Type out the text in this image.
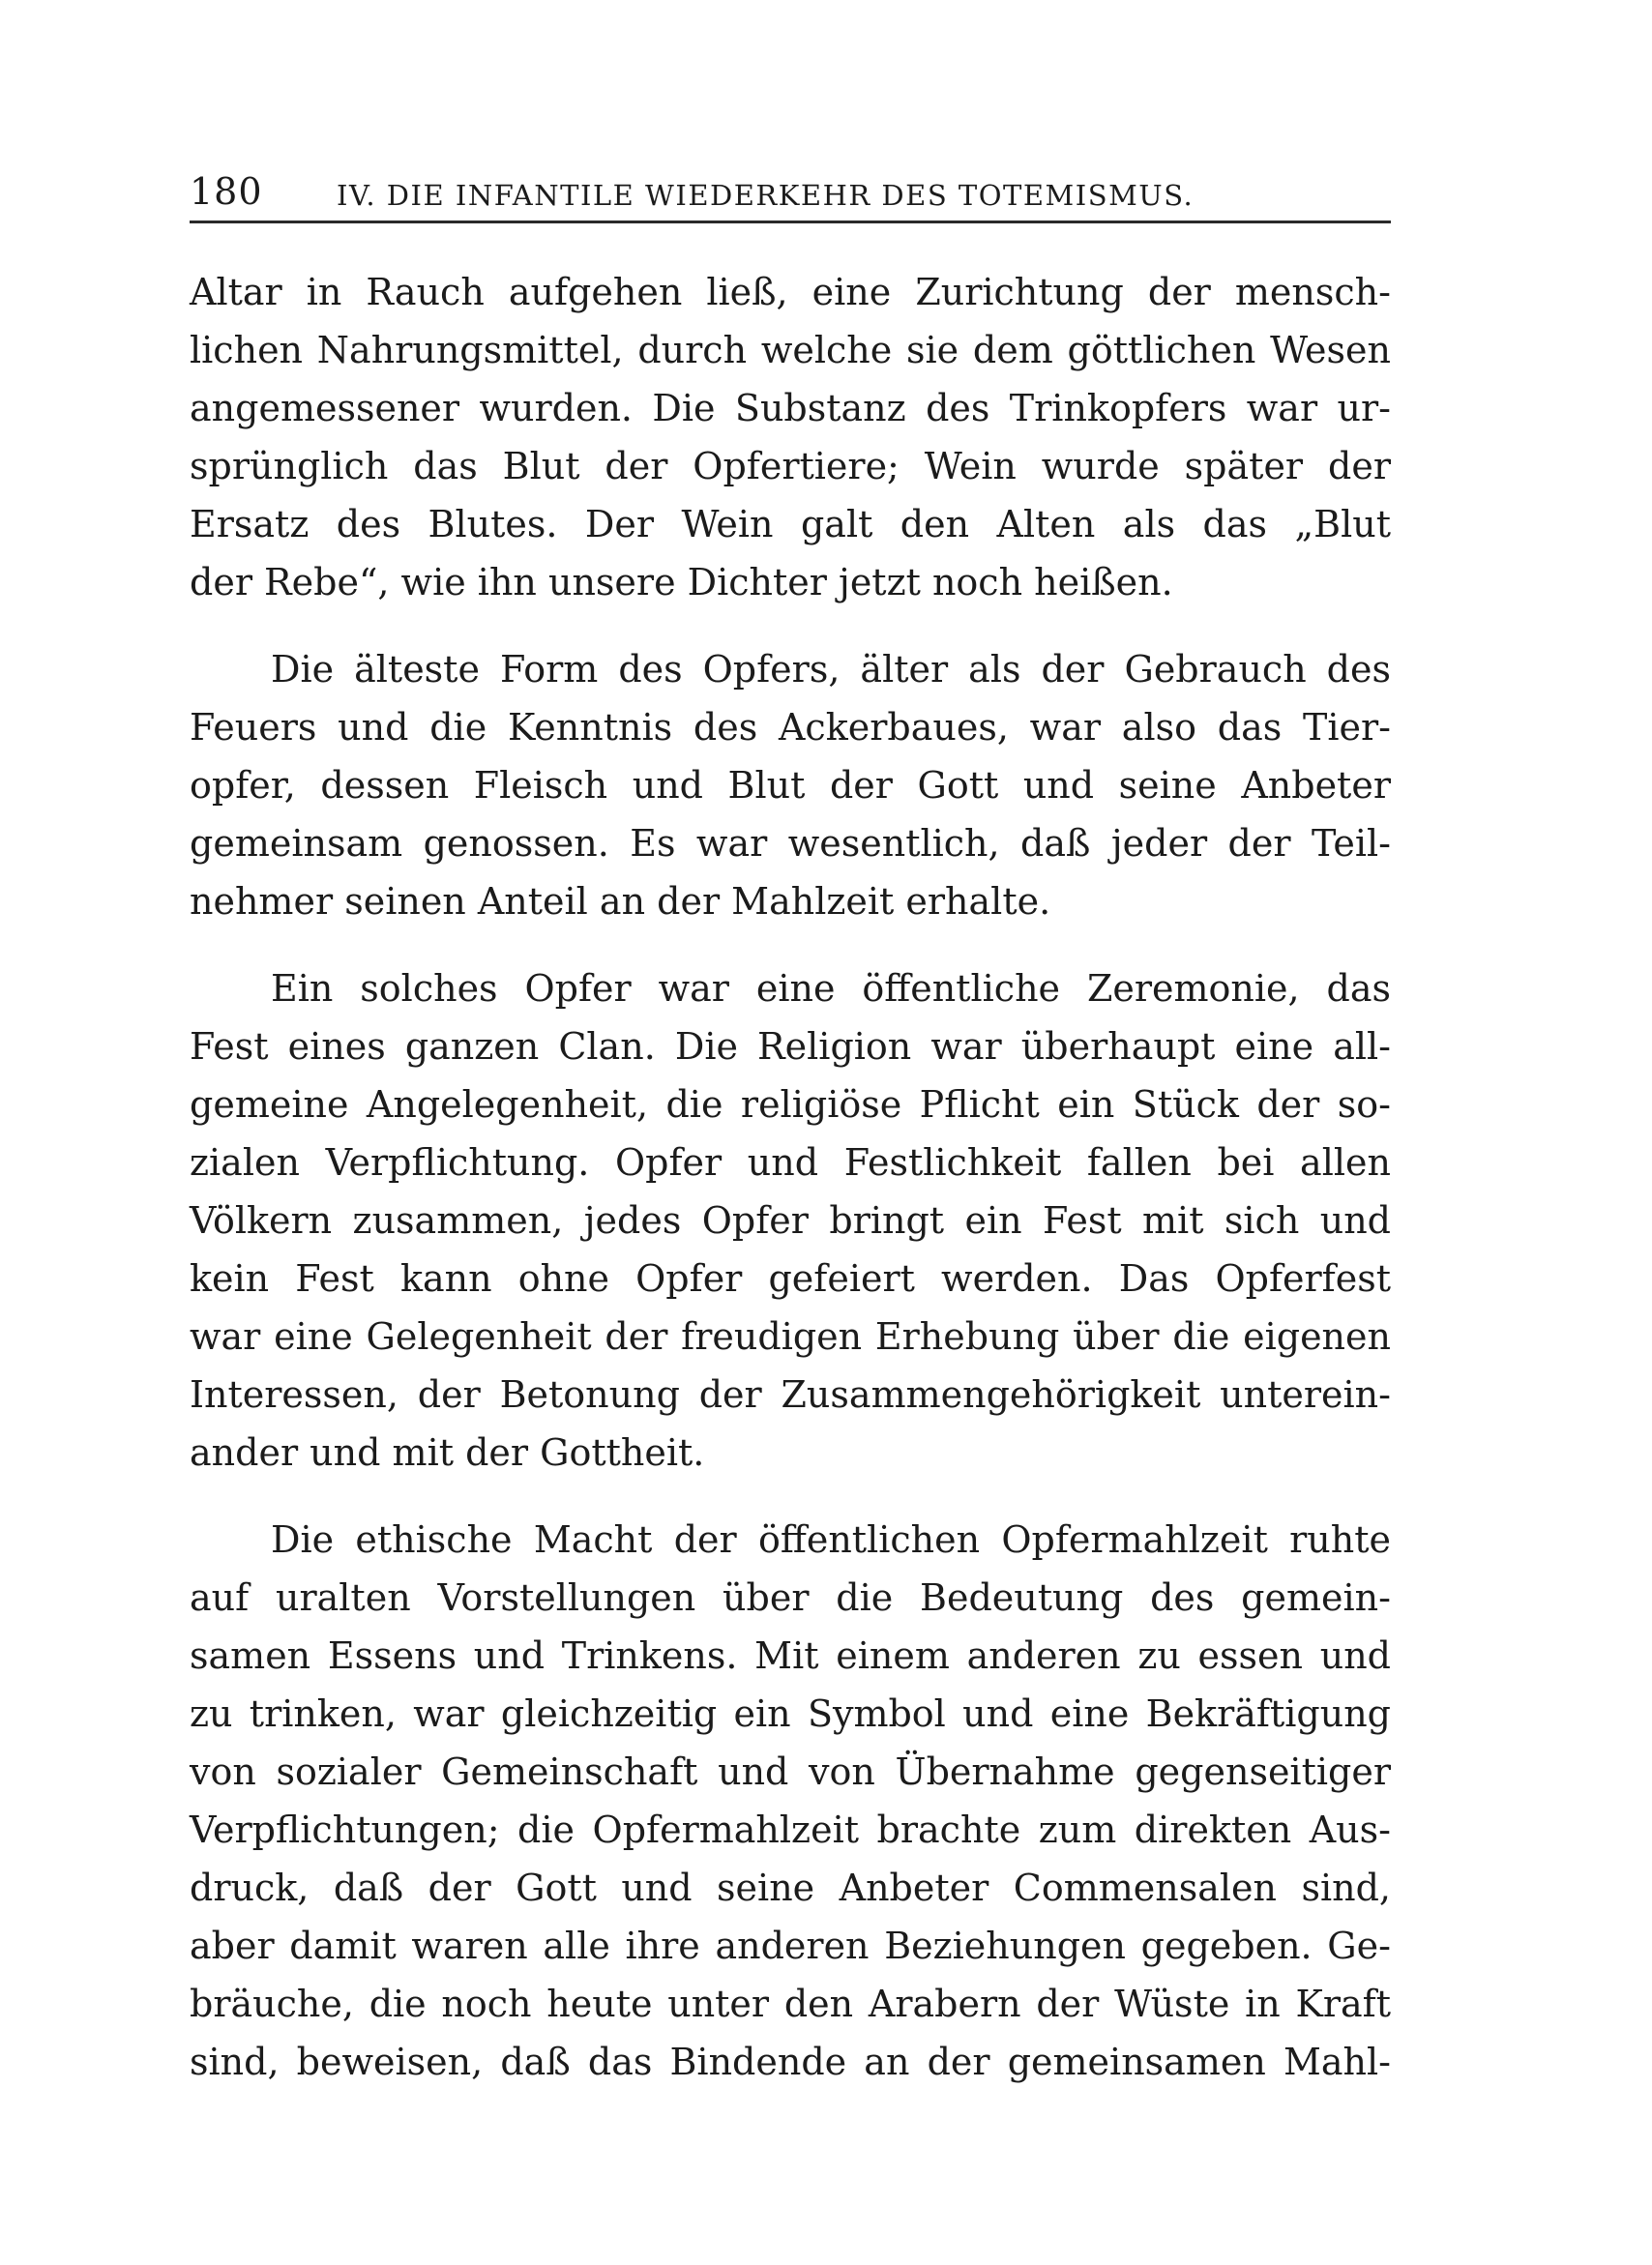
180	IV. DIE INFANTILE WIEDERKEHR DES TOTEMISMUS.
Altar in Rauch aufgehen ließ, eine Zurichtung der mensch-
lichen Nahrungsmittel, durch welche sie dem göttlichen Wesen
angemessener wurden. Die Substanz des Trinkopfers war ur-
sprünglich das Blut der Opfertiere; Wein wurde später der
Ersatz des Blutes. Der Wein galt den Alten als das „Blut
der Rebe“, wie ihn unsere Dichter jetzt noch heißen.
Die älteste Form des Opfers, älter als der Gebrauch des
Feuers und die Kenntnis des Ackerbaues, war also das Tier-
opfer, dessen Fleisch und Blut der Gott und seine Anbeter
gemeinsam genossen. Es war wesentlich, daß jeder der Teil-
nehmer seinen Anteil an der Mahlzeit erhalte.
Ein solches Opfer war eine öffentliche Zeremonie, das
Fest eines ganzen Clan. Die Religion war überhaupt eine all-
gemeine Angelegenheit, die religiöse Pflicht ein Stück der so-
zialen Verpflichtung. Opfer und Festlichkeit fallen bei allen
Völkern zusammen, jedes Opfer bringt ein Fest mit sich und
kein Fest kann ohne Opfer gefeiert werden. Das Opferfest
war eine Gelegenheit der freudigen Erhebung über die eigenen
Interessen, der Betonung der Zusammengehörigkeit unterein-
ander und mit der Gottheit.
Die ethische Macht der öffentlichen Opfermahlzeit ruhte
auf uralten Vorstellungen über die Bedeutung des gemein-
samen Essens und Trinkens. Mit einem anderen zu essen und
zu trinken, war gleichzeitig ein Symbol und eine Bekräftigung
von sozialer Gemeinschaft und von Übernahme gegenseitiger
Verpflichtungen; die Opfermahlzeit brachte zum direkten Aus-
druck, daß der Gott und seine Anbeter Commensalen sind,
aber damit waren alle ihre anderen Beziehungen gegeben. Ge-
bräuche, die noch heute unter den Arabern der Wüste in Kraft
sind, beweisen, daß das Bindende an der gemeinsamen Mahl-
